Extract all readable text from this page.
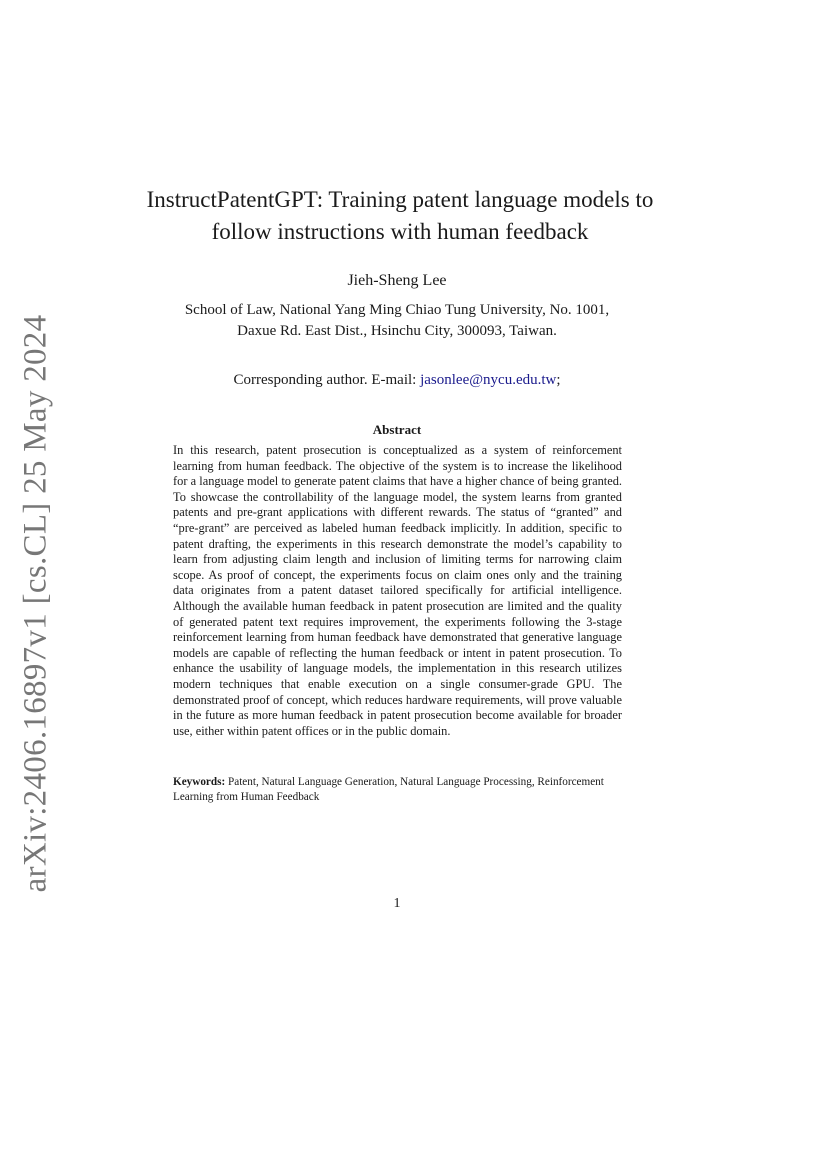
arXiv:2406.16897v1 [cs.CL] 25 May 2024
InstructPatentGPT: Training patent language models to follow instructions with human feedback
Jieh-Sheng Lee
School of Law, National Yang Ming Chiao Tung University, No. 1001,
Daxue Rd. East Dist., Hsinchu City, 300093, Taiwan.
Corresponding author. E-mail: jasonlee@nycu.edu.tw;
Abstract

In this research, patent prosecution is conceptualized as a system of reinforcement learning from human feedback. The objective of the system is to increase the likelihood for a language model to generate patent claims that have a higher chance of being granted. To showcase the controllability of the language model, the system learns from granted patents and pre-grant applications with different rewards. The status of “granted” and “pre-grant” are perceived as labeled human feedback implicitly. In addition, specific to patent drafting, the experiments in this research demonstrate the model’s capability to learn from adjusting claim length and inclusion of limiting terms for narrowing claim scope. As proof of concept, the experiments focus on claim ones only and the training data originates from a patent dataset tailored specifically for artificial intelligence. Although the available human feedback in patent prosecution are limited and the quality of generated patent text requires improvement, the experiments following the 3-stage reinforcement learning from human feedback have demonstrated that generative language models are capable of reflecting the human feedback or intent in patent prosecution. To enhance the usability of language models, the implementation in this research utilizes modern techniques that enable execution on a single consumer-grade GPU. The demonstrated proof of concept, which reduces hardware requirements, will prove valuable in the future as more human feedback in patent prosecution become available for broader use, either within patent offices or in the public domain.

Keywords: Patent, Natural Language Generation, Natural Language Processing, Reinforcement Learning from Human Feedback

1
